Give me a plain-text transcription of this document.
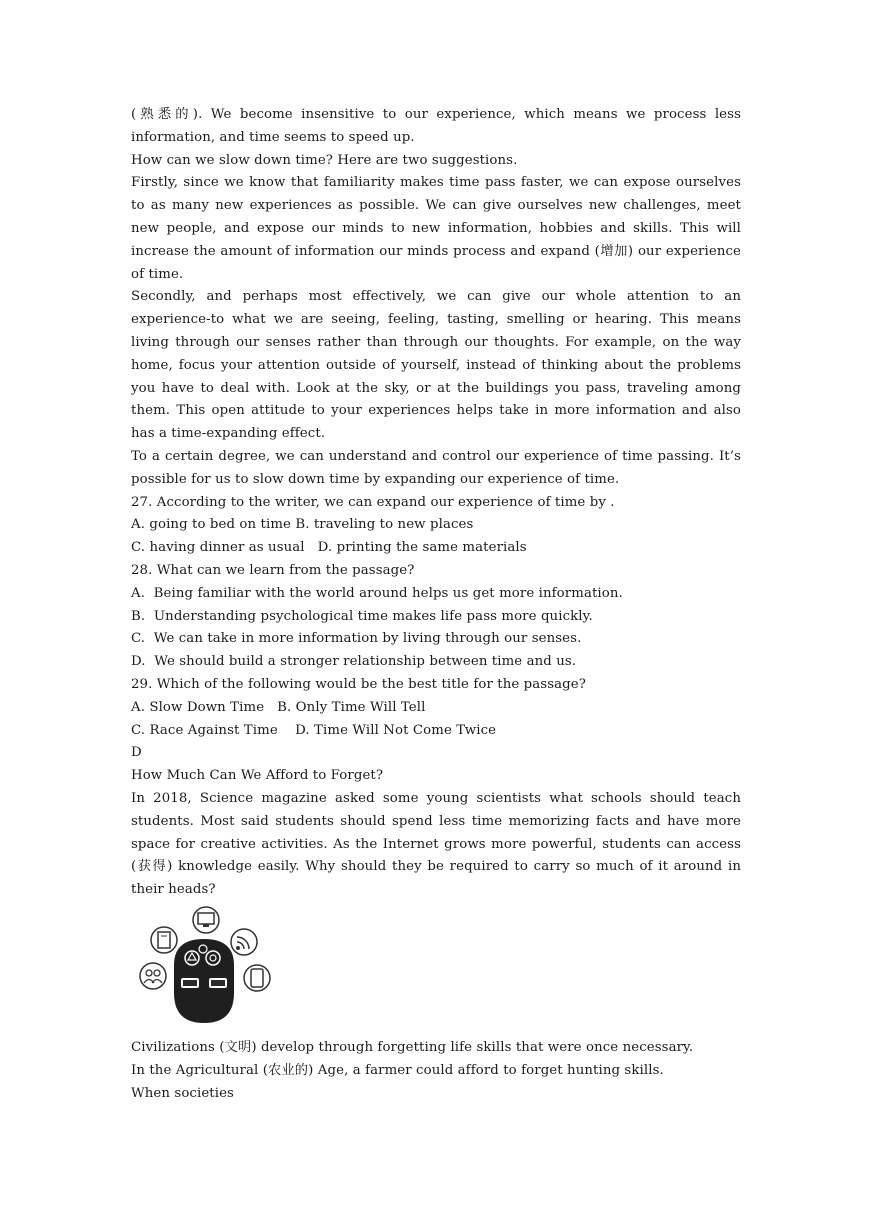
(熟悉的). We become insensitive to our experience, which means we process less information, and time seems to speed up.

How can we slow down time? Here are two suggestions.

Firstly, since we know that familiarity makes time pass faster, we can expose ourselves to as many new experiences as possible. We can give ourselves new challenges, meet new people, and expose our minds to new information, hobbies and skills. This will increase the amount of information our minds process and expand (增加) our experience of time.

Secondly, and perhaps most effectively, we can give our whole attention to an experience-to what we are seeing, feeling, tasting, smelling or hearing. This means living through our senses rather than through our thoughts. For example, on the way home, focus your attention outside of yourself, instead of thinking about the problems you have to deal with. Look at the sky, or at the buildings you pass, traveling among them. This open attitude to your experiences helps take in more information and also has a time-expanding effect.

To a certain degree, we can understand and control our experience of time passing. It’s possible for us to slow down time by expanding our experience of time.

27. According to the writer, we can expand our experience of time by .

A. going to bed on time B. traveling to new places

C. having dinner as usual   D. printing the same materials

28. What can we learn from the passage?

A.  Being familiar with the world around helps us get more information.

B.  Understanding psychological time makes life pass more quickly.

C.  We can take in more information by living through our senses.

D.  We should build a stronger relationship between time and us.

29. Which of the following would be the best title for the passage?

A. Slow Down Time   B. Only Time Will Tell

C. Race Against Time    D. Time Will Not Come Twice

D

How Much Can We Afford to Forget?

In 2018, Science magazine asked some young scientists what schools should teach students. Most said students should spend less time memorizing facts and have more space for creative activities. As the Internet grows more powerful, students can access (获得) knowledge easily. Why should they be required to carry so much of it around in their heads?

Civilizations (文明) develop through forgetting life skills that were once necessary.

In the Agricultural (农业的) Age, a farmer could afford to forget hunting skills.

When societies
